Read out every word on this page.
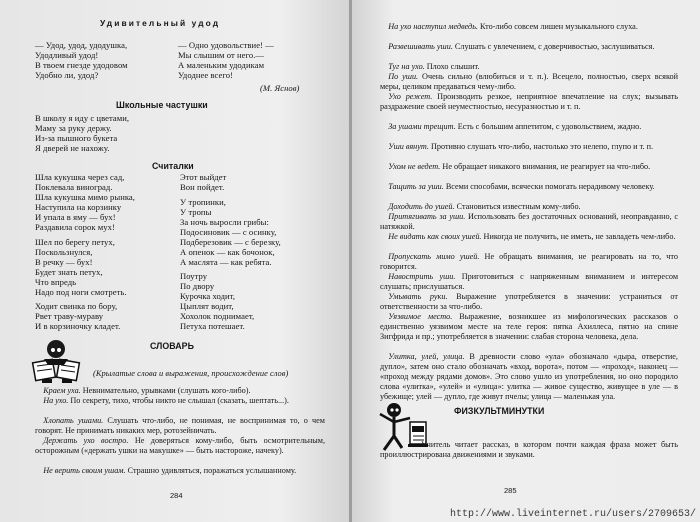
Удивительный удод
— Удод, удод, удодушка,
Удодливый удод!
В твоем гнезде удодовом
Удобно ли, удод?
— Одно удовольствие! —
Мы слышим от него.—
А маленьким удодикам
Удоднее всего!
(М. Яснов)
Школьные частушки
В школу я иду с цветами,
Маму за руку держу.
Из-за пышного букета
Я дверей не нахожу.
Считалки
Шла кукушка через сад,
Поклевала виноград.
Шла кукушка мимо рынка,
Наступила на корзинку
И упала в яму — бух!
Раздавила сорок мух!
Шел по берегу петух,
Поскользнулся,
В речку — бух!
Будет знать петух,
Что впредь
Надо под ноги смотреть.
Ходит свинка по бору,
Рвет траву-мураву
И в корзиночку кладет.
Этот выйдет
Вон пойдет.
У тропинки,
У тропы
За ночь выросли грибы:
Подосиновик — с осинку,
Подберезовик — с березку,
А опенок — как бочонок,
А маслята — как ребята.
Поутру
По двору
Курочка ходит,
Цыплят водит,
Хохолок поднимает,
Петуха потешает.
СЛОВАРЬ
(Крылатые слова и выражения, происхождение слов)
 Краем уха. Невнимательно, урывками (слушать кого-либо).
 На ухо. По секрету, тихо, чтобы никто не слышал (сказать, шептать...).
 Хлопать ушами. Слушать что-либо, не понимая, не воспринимая то, о чем говорят. Не принимать никаких мер, ротозейничать.
 Держать ухо востро. Не доверяться кому-либо, быть осмотрительным, осторожным («держать ушки на макушке» — быть настороже, начеку).
 Не верить своим ушам. Страшно удивляться, поражаться услышанному.
284
 На ухо наступил медведь. Кто-либо совсем лишен музыкального слуха.
 Развешивать уши. Слушать с увлечением, с доверчивостью, заслушиваться.
 Туг на ухо. Плохо слышит.
 По уши. Очень сильно (влюбиться и т. п.). Всецело, полностью, сверх всякой меры, целиком предаваться чему-либо.
 Ухо режет. Производить резкое, неприятное впечатление на слух; вызывать раздражение своей неуместностью, несуразностью и т. п.
 За ушами трещит. Есть с большим аппетитом, с удовольствием, жадно.
 Уши вянут. Противно слушать что-либо, настолько это нелепо, глупо и т. п.
 Ухом не ведет. Не обращает никакого внимания, не реагирует на что-либо.
 Тащить за уши. Всеми способами, всячески помогать нерадивому человеку.
 Доходить до ушей. Становиться известным кому-либо.
 Притягивать за уши. Использовать без достаточных оснований, неоправданно, с натяжкой.
 Не видать как своих ушей. Никогда не получить, не иметь, не завладеть чем-либо.
 Пропускать мимо ушей. Не обращать внимания, не реагировать на то, что говорится.
 Навострить уши. Приготовиться с напряженным вниманием и интересом слушать; прислушаться.
 Умывать руки. Выражение употребляется в значении: устраниться от ответственности за что-либо.
 Уязвимое место. Выражение, возникшее из мифологических рассказов о единственно уязвимом месте на теле героя: пятка Ахиллеса, пятно на спине Зигфрида и пр.; употребляется в значении: слабая сторона человека, дела.
 Улитка, улей, улица. В древности слово «ула» обозначало «дыра, отверстие, дупло», затем оно стало обозначать «вход, ворота», потом — «проход», наконец — «проход между рядами домов». Это слово ушло из употребления, но оно породило слова «улитка», «улей» и «улица»: улитка — живое существо, живущее в уле — в убежище; улей — дупло, где живут пчелы; улица — маленькая ула.
ФИЗКУЛЬТМИНУТКИ
     Учитель читает рассказ, в котором почти каждая фраза может быть проиллюстрирована движениями и звуками.
285
http://www.liveinternet.ru/users/2709653/
